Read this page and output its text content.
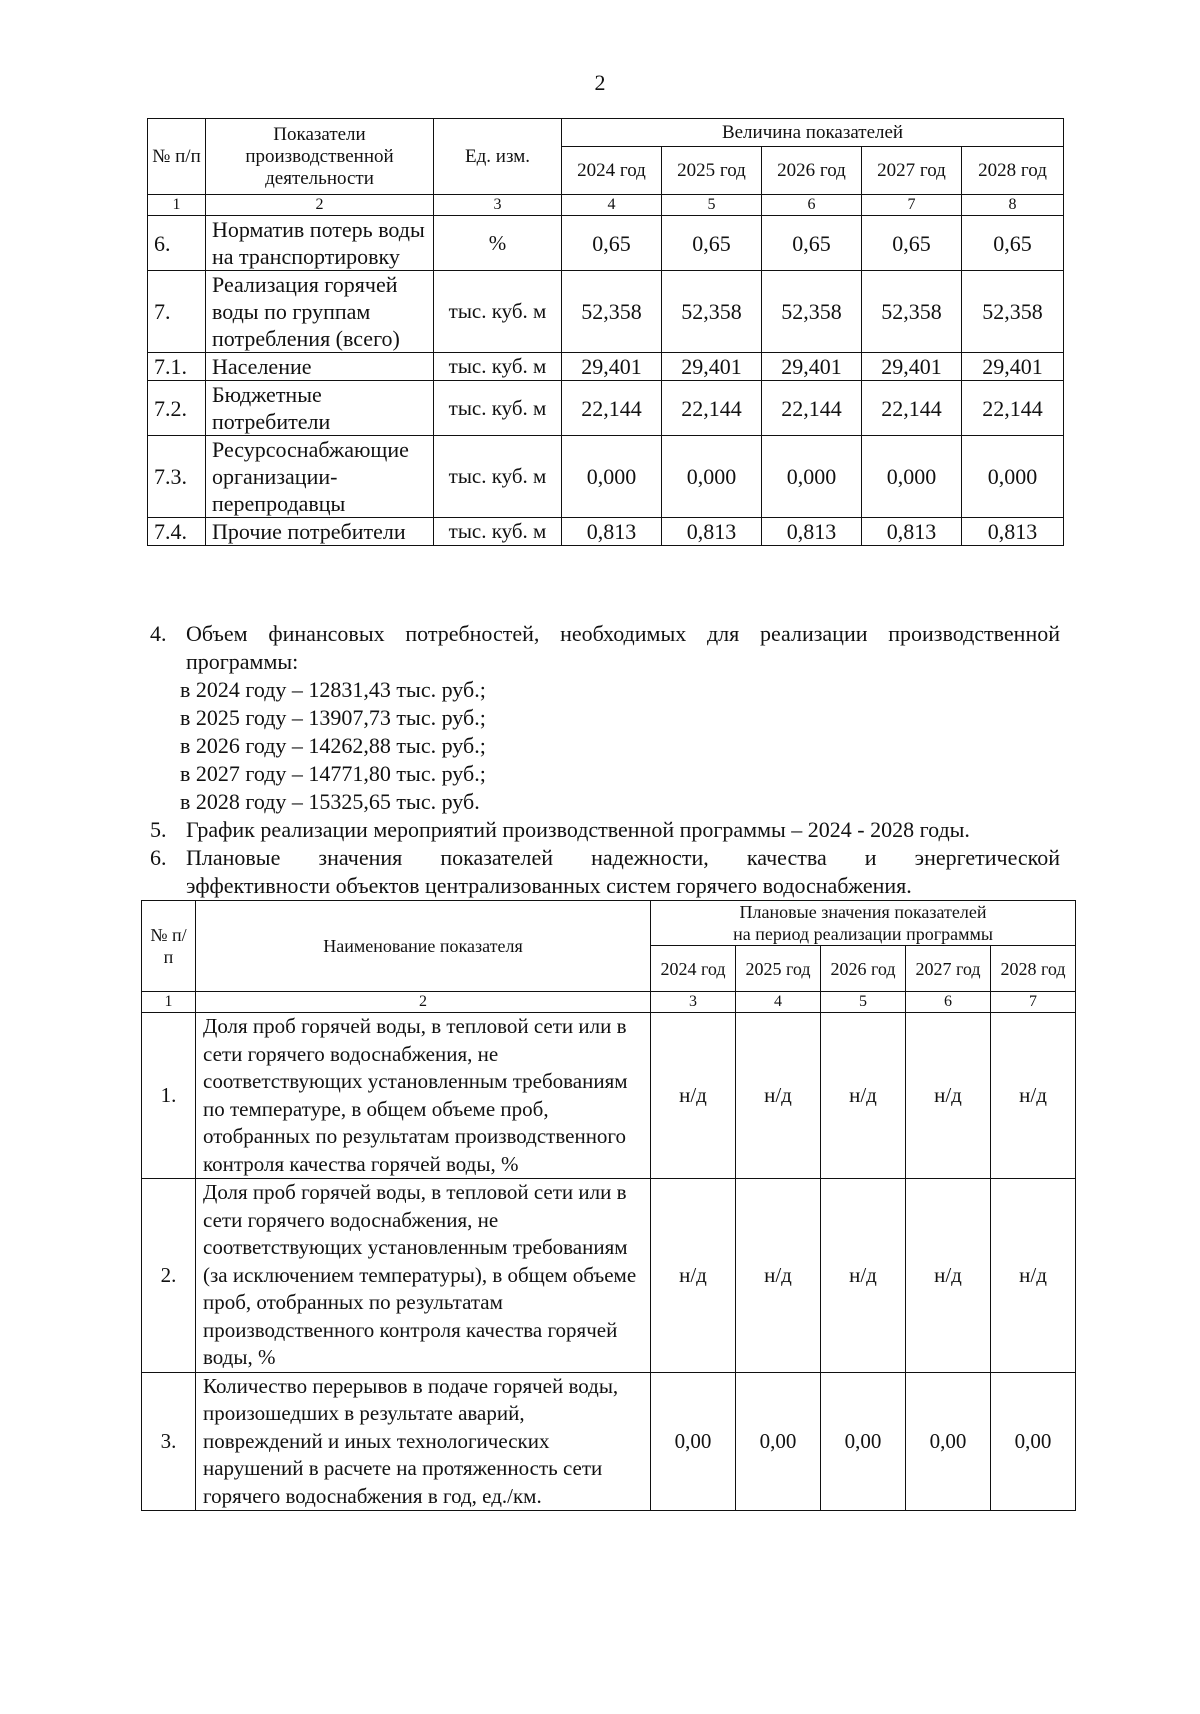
2
№ п/п	Показатели производственной деятельности	Ед. изм.	Величина показателей				
			2024 год	2025 год	2026 год	2027 год	2028 год
1	2	3	4	5	6	7	8
6.	Норматив потерь воды на транспортировку	%	0,65	0,65	0,65	0,65	0,65
7.	Реализация горячей воды по группам потребления (всего)	тыс. куб. м	52,358	52,358	52,358	52,358	52,358
7.1.	Население	тыс. куб. м	29,401	29,401	29,401	29,401	29,401
7.2.	Бюджетные потребители	тыс. куб. м	22,144	22,144	22,144	22,144	22,144
7.3.	Ресурсоснабжающие организации-перепродавцы	тыс. куб. м	0,000	0,000	0,000	0,000	0,000
7.4.	Прочие потребители	тыс. куб. м	0,813	0,813	0,813	0,813	0,813
4. Объем финансовых потребностей, необходимых для реализации производственной программы:
в 2024 году – 12831,43 тыс. руб.;
в 2025 году – 13907,73 тыс. руб.;
в 2026 году – 14262,88 тыс. руб.;
в 2027 году – 14771,80 тыс. руб.;
в 2028 году – 15325,65 тыс. руб.
5. График реализации мероприятий производственной программы – 2024 - 2028 годы.
6. Плановые значения показателей надежности, качества и энергетической
эффективности объектов централизованных систем горячего водоснабжения.
№ п/п	Наименование показателя	Плановые значения показателей
на период реализации программы				

		2024 год	2025 год	2026 год	2027 год	2028 год
1	2	3	4	5	6	7
1.	Доля проб горячей воды, в тепловой сети или в сети горячего водоснабжения, не соответствующих установленным требованиям по температуре, в общем объеме проб, отобранных по результатам производственного контроля качества горячей воды, %	н/д	н/д	н/д	н/д	н/д
2.	Доля проб горячей воды, в тепловой сети или в сети горячего водоснабжения, не соответствующих установленным требованиям (за исключением температуры), в общем объеме проб, отобранных по результатам производственного контроля качества горячей воды, %	н/д	н/д	н/д	н/д	н/д
3.	Количество перерывов в подаче горячей воды, произошедших в результате аварий, повреждений и иных технологических нарушений в расчете на протяженность сети горячего водоснабжения в год, ед./км.	0,00	0,00	0,00	0,00	0,00
